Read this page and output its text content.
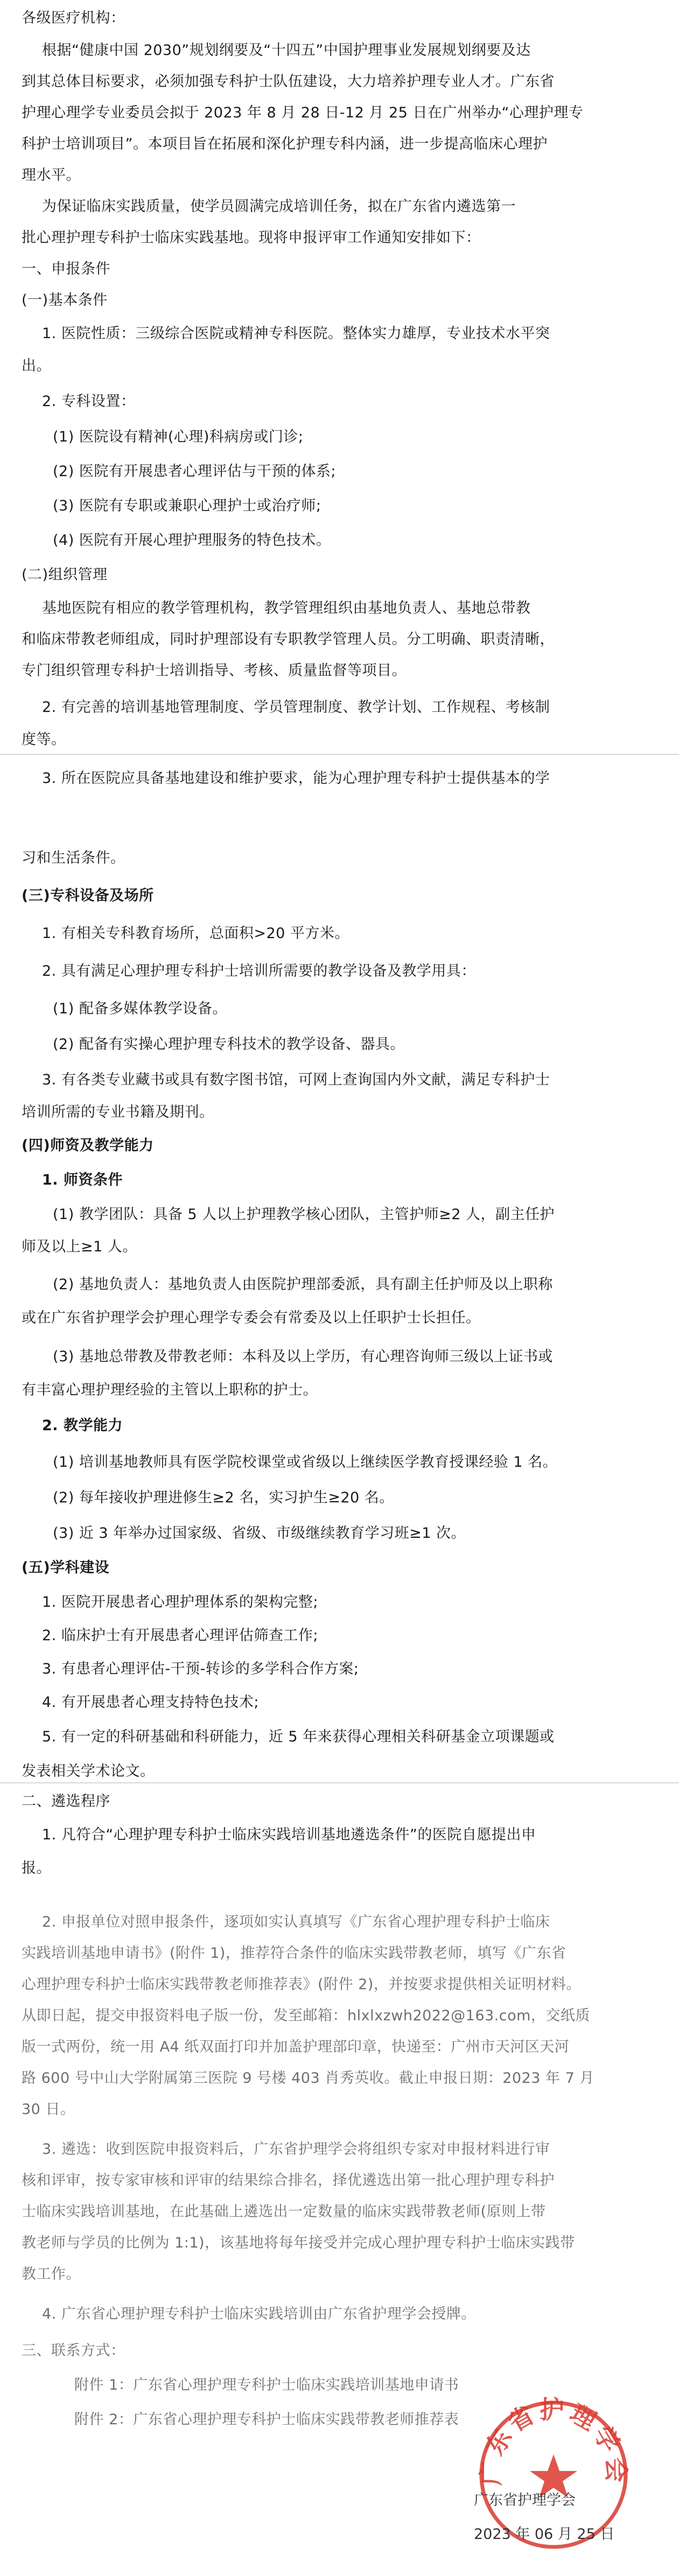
各级医疗机构：
根据“健康中国 2030”规划纲要及“十四五”中国护理事业发展规划纲要及达
到其总体目标要求，必须加强专科护士队伍建设，大力培养护理专业人才。广东省
护理心理学专业委员会拟于 2023 年 8 月 28 日-12 月 25 日在广州举办“心理护理专
科护士培训项目”。本项目旨在拓展和深化护理专科内涵，进一步提高临床心理护
理水平。
为保证临床实践质量，使学员圆满完成培训任务，拟在广东省内遴选第一
批心理护理专科护士临床实践基地。现将申报评审工作通知安排如下：
一、申报条件
(一)基本条件
1. 医院性质：三级综合医院或精神专科医院。整体实力雄厚，专业技术水平突
出。
2. 专科设置：
(1) 医院设有精神(心理)科病房或门诊;
(2) 医院有开展患者心理评估与干预的体系;
(3) 医院有专职或兼职心理护士或治疗师;
(4) 医院有开展心理护理服务的特色技术。
(二)组织管理
基地医院有相应的教学管理机构，教学管理组织由基地负责人、基地总带教
和临床带教老师组成，同时护理部设有专职教学管理人员。分工明确、职责清晰，
专门组织管理专科护士培训指导、考核、质量监督等项目。
2. 有完善的培训基地管理制度、学员管理制度、教学计划、工作规程、考核制
度等。
3. 所在医院应具备基地建设和维护要求，能为心理护理专科护士提供基本的学
习和生活条件。
(三)专科设备及场所
1. 有相关专科教育场所，总面积>20 平方米。
2. 具有满足心理护理专科护士培训所需要的教学设备及教学用具：
(1) 配备多媒体教学设备。
(2) 配备有实操心理护理专科技术的教学设备、器具。
3. 有各类专业藏书或具有数字图书馆，可网上查询国内外文献，满足专科护士
培训所需的专业书籍及期刊。
(四)师资及教学能力
1. 师资条件
(1) 教学团队：具备 5 人以上护理教学核心团队，主管护师≥2 人，副主任护
师及以上≥1 人。
(2) 基地负责人：基地负责人由医院护理部委派，具有副主任护师及以上职称
或在广东省护理学会护理心理学专委会有常委及以上任职护士长担任。
(3) 基地总带教及带教老师：本科及以上学历，有心理咨询师三级以上证书或
有丰富心理护理经验的主管以上职称的护士。
2. 教学能力
(1) 培训基地教师具有医学院校课堂或省级以上继续医学教育授课经验 1 名。
(2) 每年接收护理进修生≥2 名，实习护生≥20 名。
(3) 近 3 年举办过国家级、省级、市级继续教育学习班≥1 次。
(五)学科建设
1. 医院开展患者心理护理体系的架构完整;
2. 临床护士有开展患者心理评估筛查工作;
3. 有患者心理评估-干预-转诊的多学科合作方案;
4. 有开展患者心理支持特色技术;
5. 有一定的科研基础和科研能力，近 5 年来获得心理相关科研基金立项课题或
发表相关学术论文。
二、遴选程序
1. 凡符合“心理护理专科护士临床实践培训基地遴选条件”的医院自愿提出申
报。
2. 申报单位对照申报条件，逐项如实认真填写《广东省心理护理专科护士临床
实践培训基地申请书》(附件 1)，推荐符合条件的临床实践带教老师，填写《广东省
心理护理专科护士临床实践带教老师推荐表》(附件 2)，并按要求提供相关证明材料。
从即日起，提交申报资料电子版一份，发至邮箱：hlxlxzwh2022@163.com，交纸质
版一式两份，统一用 A4 纸双面打印并加盖护理部印章，快递至：广州市天河区天河
路 600 号中山大学附属第三医院 9 号楼 403 肖秀英收。截止申报日期：2023 年 7 月
30 日。
3. 遴选：收到医院申报资料后，广东省护理学会将组织专家对申报材料进行审
核和评审，按专家审核和评审的结果综合排名，择优遴选出第一批心理护理专科护
士临床实践培训基地，在此基础上遴选出一定数量的临床实践带教老师(原则上带
教老师与学员的比例为 1:1)，该基地将每年接受并完成心理护理专科护士临床实践带
教工作。
4. 广东省心理护理专科护士临床实践培训由广东省护理学会授牌。
三、联系方式：
附件 1：广东省心理护理专科护士临床实践培训基地申请书
附件 2：广东省心理护理专科护士临床实践带教老师推荐表
广东省护理学会
广东省护理学会
2023 年 06 月 25 日
